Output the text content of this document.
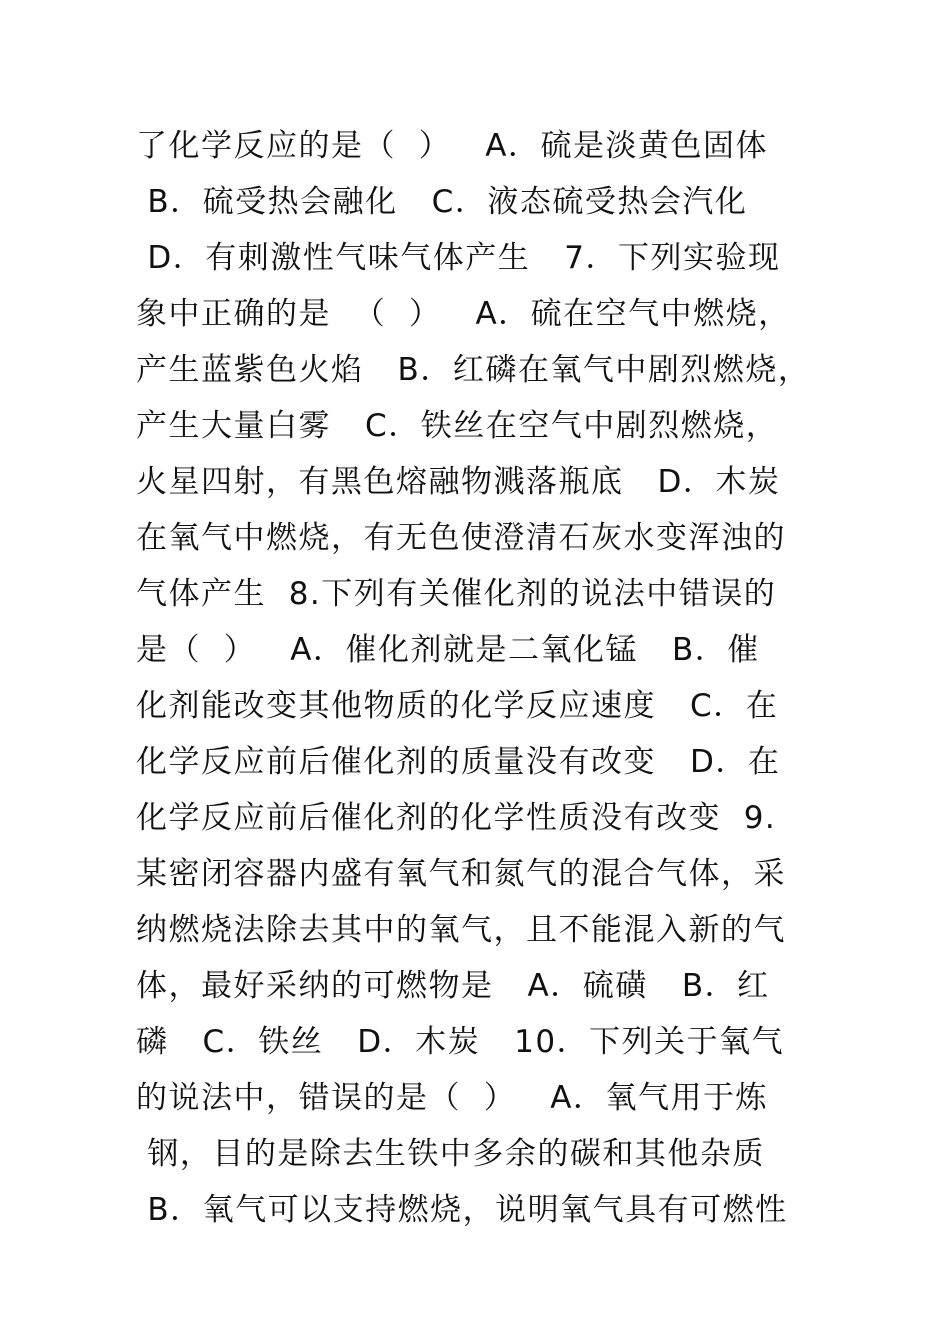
了化学反应的是（  ）   A．硫是淡黄色固体
B．硫受热会融化   C．液态硫受热会汽化
D．有刺激性气味气体产生   7．下列实验现
象中正确的是  （  ）   A．硫在空气中燃烧，
产生蓝紫色火焰   B．红磷在氧气中剧烈燃烧，
产生大量白雾   C．铁丝在空气中剧烈燃烧，
火星四射，有黑色熔融物溅落瓶底   D．木炭
在氧气中燃烧，有无色使澄清石灰水变浑浊的
气体产生  8.下列有关催化剂的说法中错误的
是（  ）   A．催化剂就是二氧化锰   B．催
化剂能改变其他物质的化学反应速度   C．在
化学反应前后催化剂的质量没有改变   D．在
化学反应前后催化剂的化学性质没有改变  9.
某密闭容器内盛有氧气和氮气的混合气体，采
纳燃烧法除去其中的氧气，且不能混入新的气
体，最好采纳的可燃物是   A．硫磺   B．红
磷   C．铁丝   D．木炭   10．下列关于氧气
的说法中，错误的是（  ）   A．氧气用于炼
钢，目的是除去生铁中多余的碳和其他杂质
B．氧气可以支持燃烧，说明氧气具有可燃性
